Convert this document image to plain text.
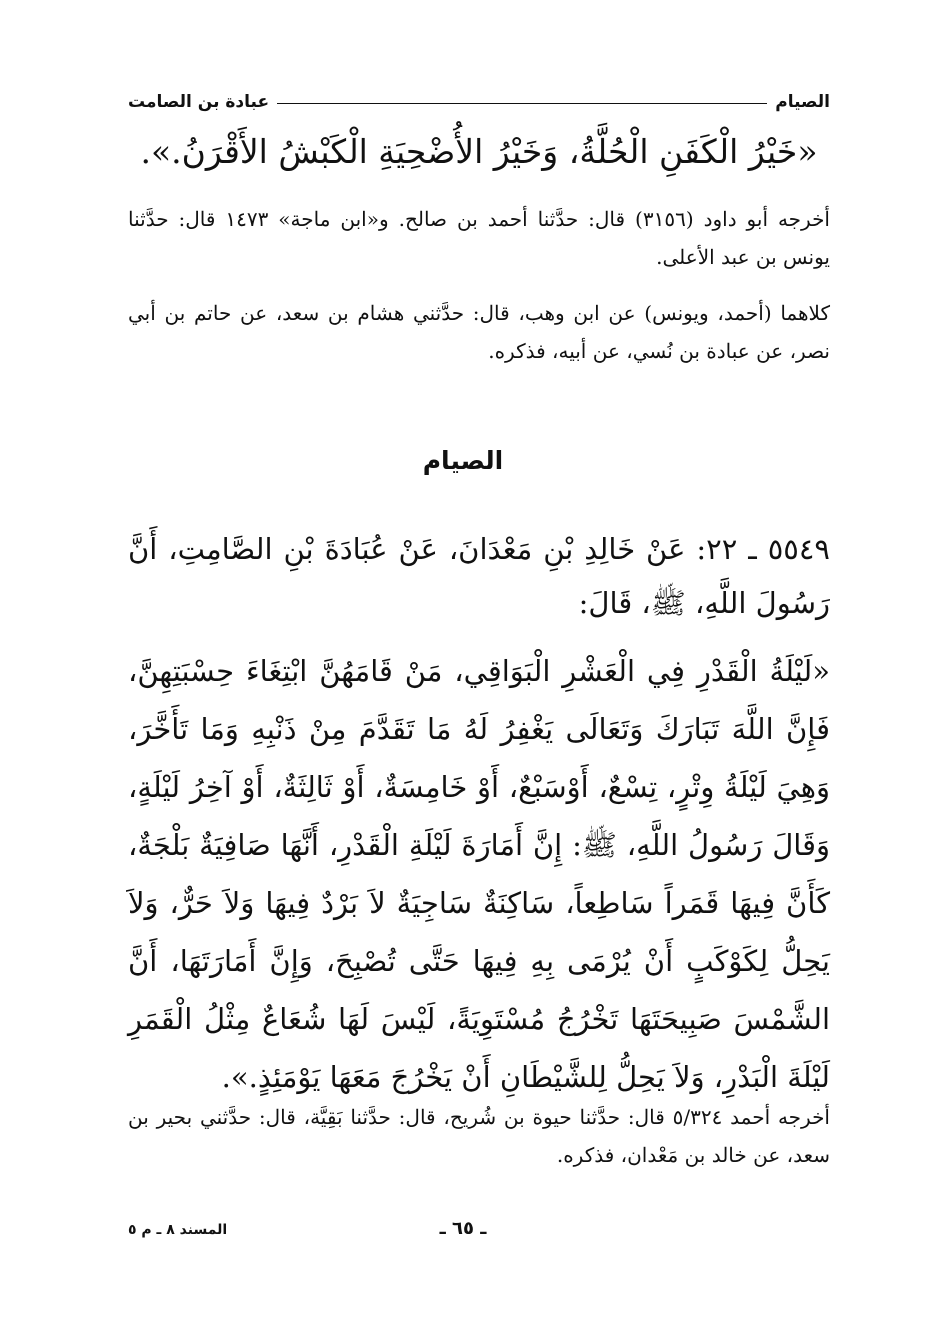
الصيام
عبادة بن الصامت
«خَيْرُ الْكَفَنِ الْحُلَّةُ، وَخَيْرُ الأُضْحِيَةِ الْكَبْشُ الأَقْرَنُ.».
أخرجه أبو داود (٣١٥٦) قال: حدَّثنا أحمد بن صالح. و«ابن ماجة» ١٤٧٣ قال: حدَّثنا يونس بن عبد الأعلى.
كلاهما (أحمد، ويونس) عن ابن وهب، قال: حدَّثني هشام بن سعد، عن حاتم بن أبي نصر، عن عبادة بن نُسي، عن أبيه، فذكره.
الصيام
٥٥٤٩ ـ ٢٢: عَنْ خَالِدِ بْنِ مَعْدَانَ، عَنْ عُبَادَةَ بْنِ الصَّامِتِ، أَنَّ رَسُولَ اللَّهِ، ﷺ، قَالَ:

«لَيْلَةُ الْقَدْرِ فِي الْعَشْرِ الْبَوَاقِي، مَنْ قَامَهُنَّ ابْتِغَاءَ حِسْبَتِهِنَّ، فَإِنَّ اللَّهَ تَبَارَكَ وَتَعَالَى يَغْفِرُ لَهُ مَا تَقَدَّمَ مِنْ ذَنْبِهِ وَمَا تَأَخَّرَ، وَهِيَ لَيْلَةُ وِتْرٍ، تِسْعٌ، أَوْسَبْعٌ، أَوْ خَامِسَةٌ، أَوْ ثَالِثَةٌ، أَوْ آخِرُ لَيْلَةٍ، وَقَالَ رَسُولُ اللَّهِ، ﷺ: إِنَّ أَمَارَةَ لَيْلَةِ الْقَدْرِ، أَنَّهَا صَافِيَةٌ بَلْجَةٌ، كَأَنَّ فِيهَا قَمَراً سَاطِعاً، سَاكِنَةٌ سَاجِيَةٌ لاَ بَرْدٌ فِيهَا وَلاَ حَرٌّ، وَلاَ يَحِلُّ لِكَوْكَبٍ أَنْ يُرْمَى بِهِ فِيهَا حَتَّى تُصْبِحَ، وَإِنَّ أَمَارَتَهَا، أَنَّ الشَّمْسَ صَبِيحَتَهَا تَخْرُجُ مُسْتَوِيَةً، لَيْسَ لَهَا شُعَاعٌ مِثْلُ الْقَمَرِ لَيْلَةَ الْبَدْرِ، وَلاَ يَحِلُّ لِلشَّيْطَانِ أَنْ يَخْرُجَ مَعَهَا يَوْمَئِذٍ.».

أخرجه أحمد ٥/٣٢٤ قال: حدَّثنا حيوة بن شُريح، قال: حدَّثنا بَقِيَّة، قال: حدَّثني بحير بن سعد، عن خالد بن مَعْدان، فذكره.
ـ ٦٥ ـ
المسند ٨ ـ م ٥
